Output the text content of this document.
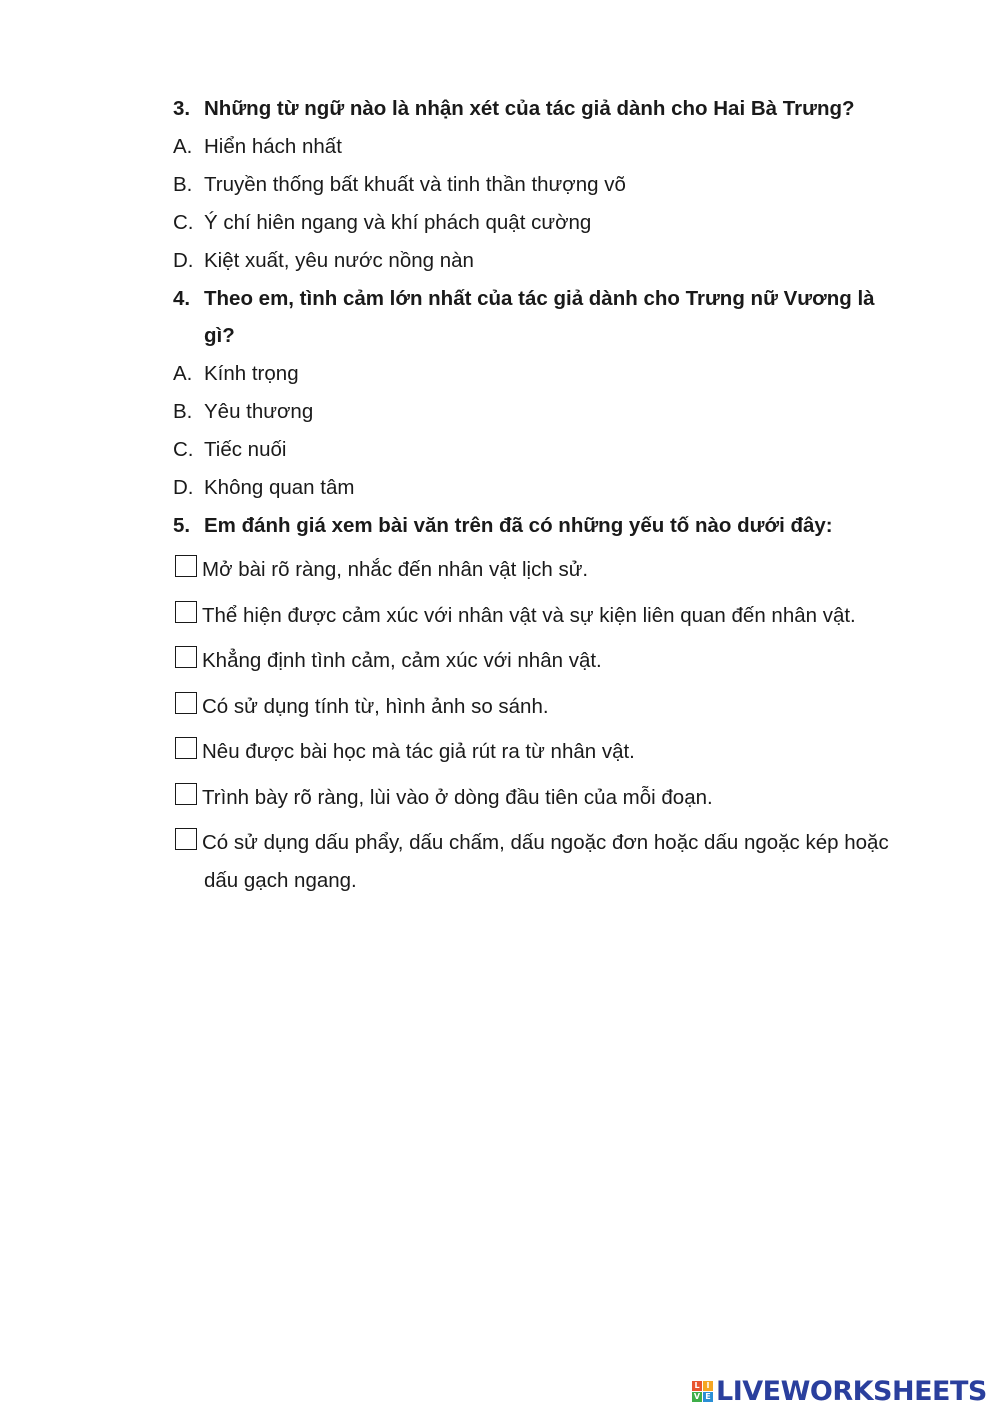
3. Những từ ngữ nào là nhận xét của tác giả dành cho Hai Bà Trưng?
A. Hiển hách nhất
B. Truyền thống bất khuất và tinh thần thượng võ
C. Ý chí hiên ngang và khí phách quật cường
D. Kiệt xuất, yêu nước nồng nàn
4. Theo em, tình cảm lớn nhất của tác giả dành cho Trưng nữ Vương là
gì?
A. Kính trọng
B. Yêu thương
C. Tiếc nuối
D. Không quan tâm
5. Em đánh giá xem bài văn trên đã có những yếu tố nào dưới đây:
Mở bài rõ ràng, nhắc đến nhân vật lịch sử.
Thể hiện được cảm xúc với nhân vật và sự kiện liên quan đến nhân vật.
Khẳng định tình cảm, cảm xúc với nhân vật.
Có sử dụng tính từ, hình ảnh so sánh.
Nêu được bài học mà tác giả rút ra từ nhân vật.
Trình bày rõ ràng, lùi vào ở dòng đầu tiên của mỗi đoạn.
Có sử dụng dấu phẩy, dấu chấm, dấu ngoặc đơn hoặc dấu ngoặc kép hoặc
dấu gạch ngang.
L I
V E LIVEWORKSHEETS
